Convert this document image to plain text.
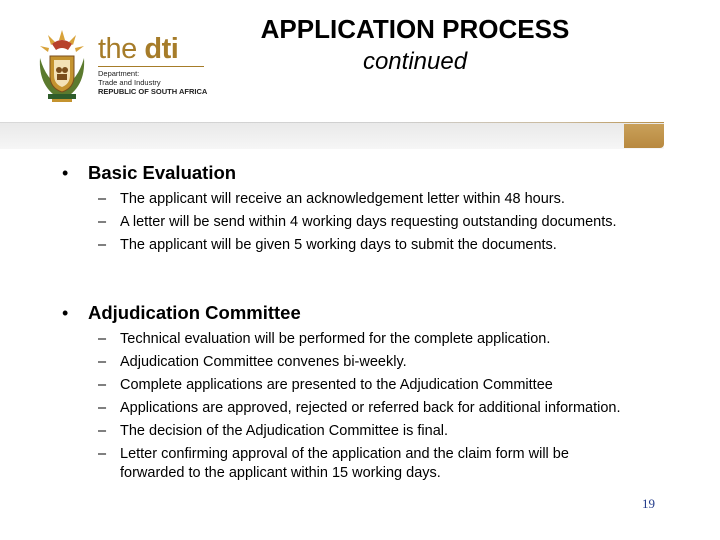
the dti
Department:
Trade and Industry
REPUBLIC OF SOUTH AFRICA
APPLICATION PROCESS
continued
•	Basic Evaluation
– The applicant will receive an acknowledgement letter within 48 hours.
– A letter will be send within 4 working days requesting outstanding documents.
– The applicant will be given 5 working days to submit the documents.
•	Adjudication Committee
– Technical evaluation will be performed for the complete application.
– Adjudication Committee convenes bi-weekly.
– Complete applications are presented to the Adjudication Committee
– Applications are approved, rejected or referred back for additional information.
– The decision of the Adjudication Committee is final.
– Letter confirming approval of the application and the claim form will be forwarded to the applicant within 15 working days.
19
